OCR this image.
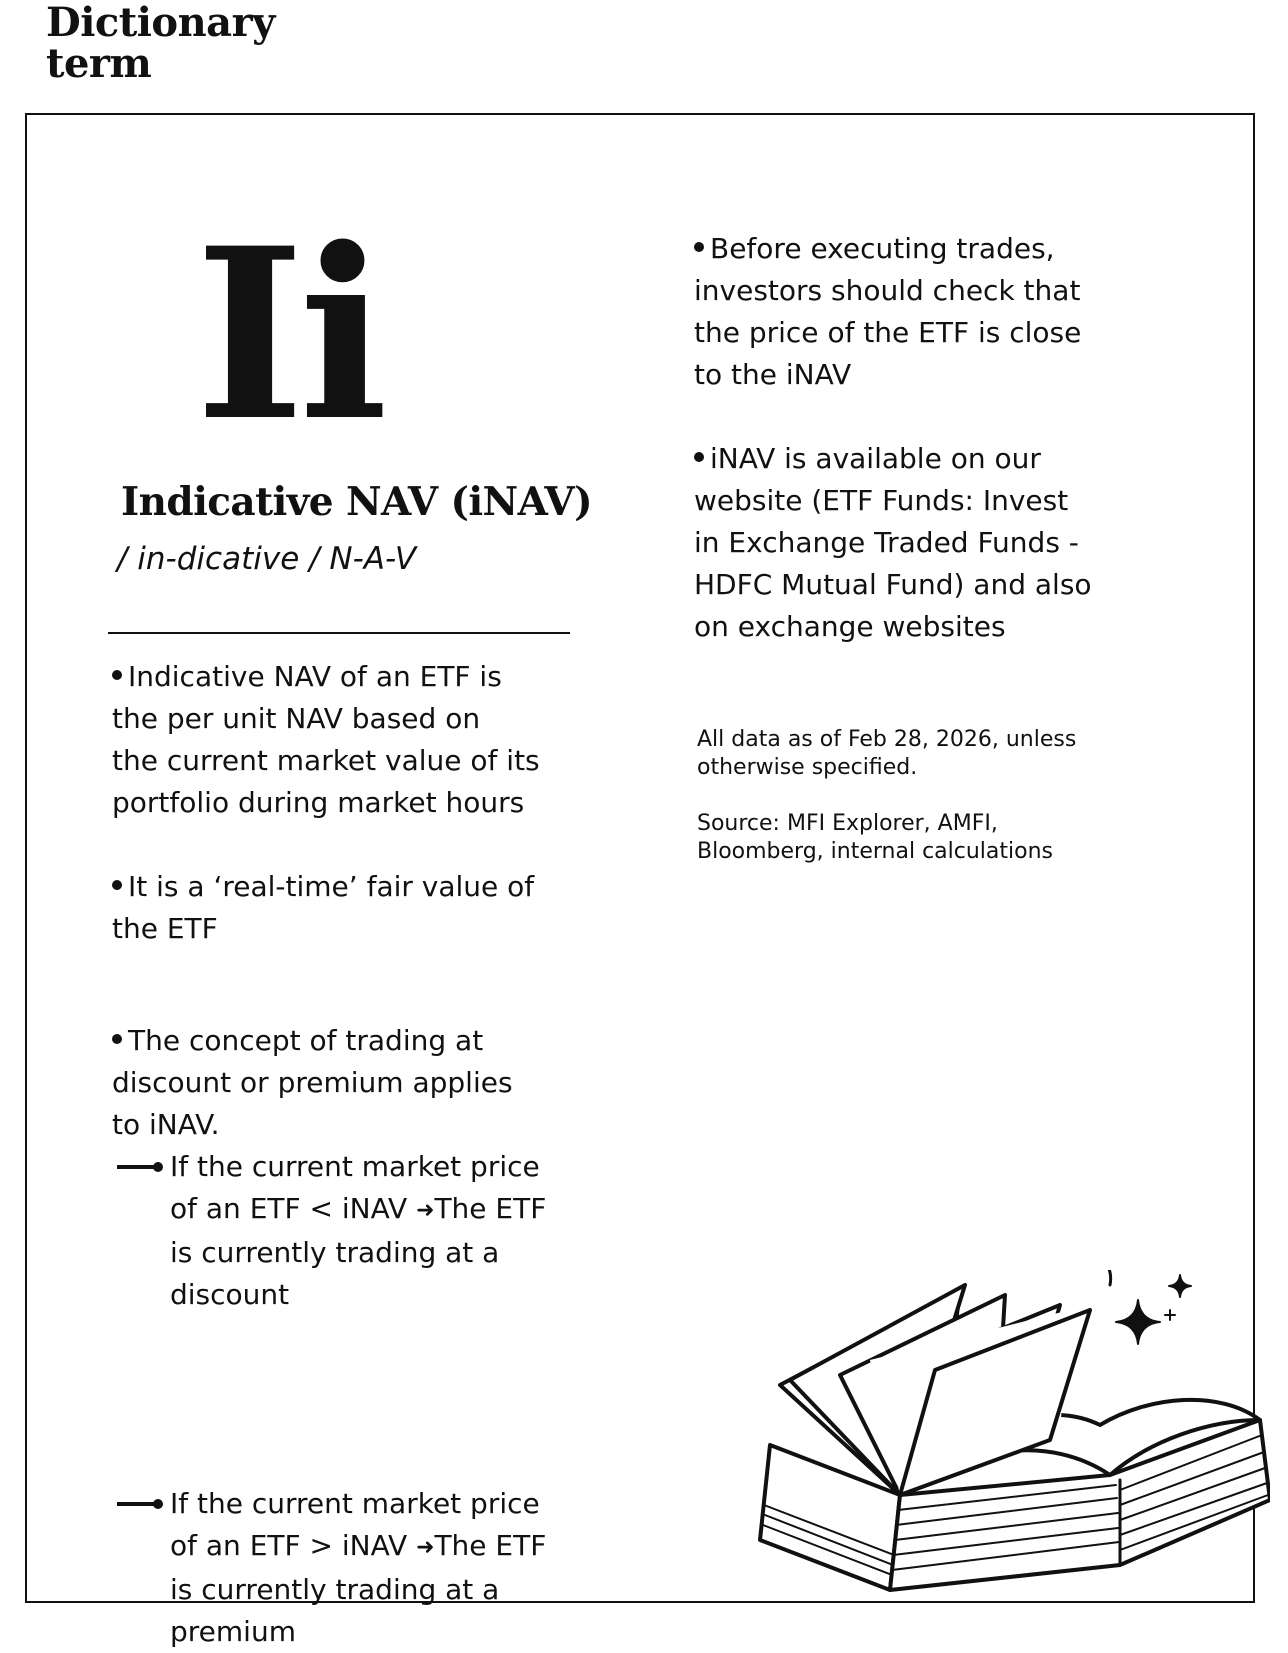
Dictionary
term
Ii
Indicative NAV (iNAV)
/ in-dicative / N-A-V

Indicative NAV of an ETF is

the per unit NAV based on

the current market value of its

portfolio during market hours

It is a ‘real-time’ fair value of

the ETF

The concept of trading at

discount or premium applies

to iNAV.

If the current market price

of an ETF < iNAV ➜The ETF

is currently trading at a

discount

If the current market price

of an ETF > iNAV ➜The ETF

is currently trading at a

premium

Before executing trades,

investors should check that

the price of the ETF is close

to the iNAV

iNAV is available on our

website (ETF Funds: Invest

in Exchange Traded Funds -

HDFC Mutual Fund) and also

on exchange websites

All data as of Feb 28, 2026, unless

otherwise specified.

Source: MFI Explorer, AMFI,

Bloomberg, internal calculations
